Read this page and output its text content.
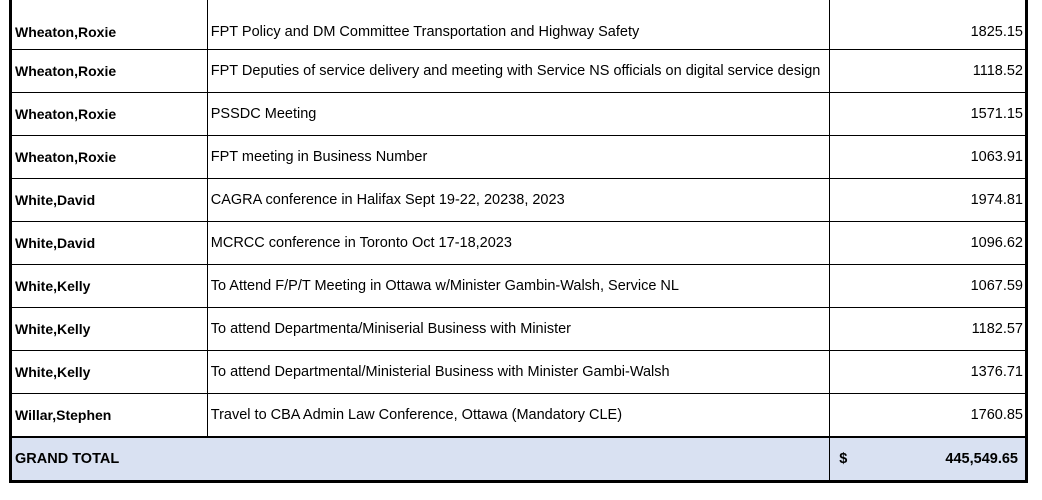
Wheaton,Roxie	FPT Policy and DM Committee Transportation and Highway Safety	1825.15
Wheaton,Roxie	FPT Deputies of service delivery and meeting with Service NS officials on digital service design	1118.52
Wheaton,Roxie	PSSDC Meeting	1571.15
Wheaton,Roxie	FPT meeting in Business Number	1063.91
White,David	CAGRA conference in Halifax Sept 19-22, 20238, 2023	1974.81
White,David	MCRCC conference in Toronto Oct 17-18,2023	1096.62
White,Kelly	To Attend F/P/T Meeting in Ottawa w/Minister Gambin-Walsh, Service NL	1067.59
White,Kelly	To attend Departmenta/Miniserial Business with Minister	1182.57
White,Kelly	To attend Departmental/Ministerial Business with Minister Gambi-Walsh	1376.71
Willar,Stephen	Travel to CBA Admin Law Conference, Ottawa (Mandatory CLE)	1760.85
GRAND TOTAL		$ 445,549.65
